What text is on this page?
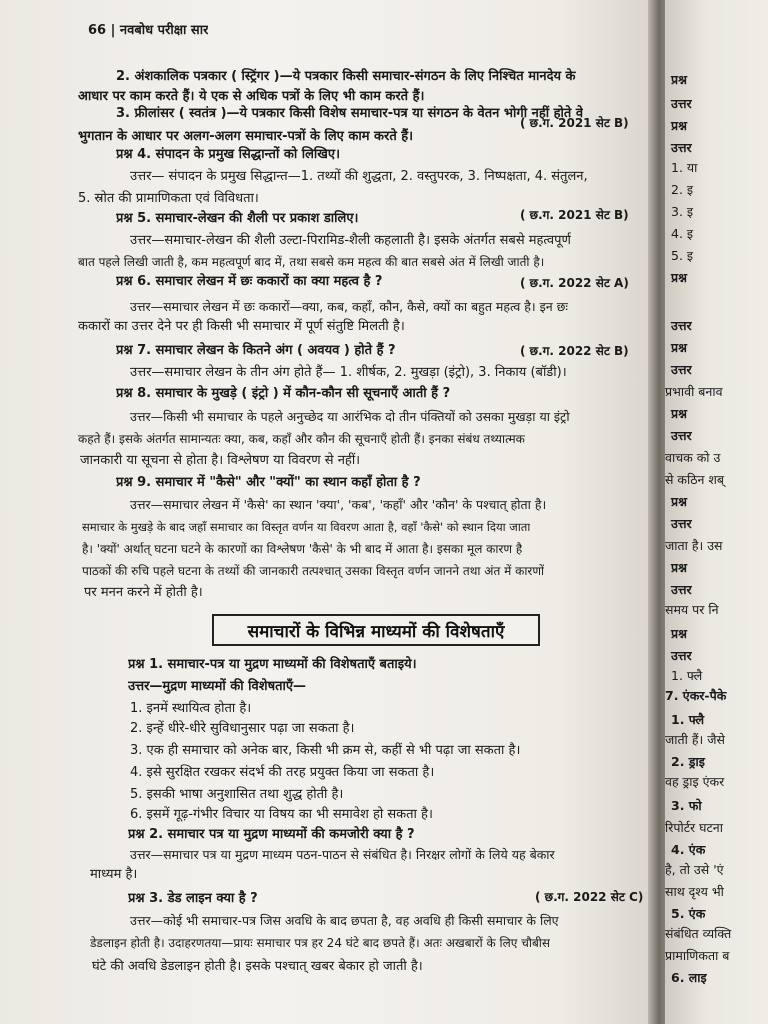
66 | नवबोध परीक्षा सार
2. अंशकालिक पत्रकार ( स्ट्रिंगर )—ये पत्रकार किसी समाचार-संगठन के लिए निश्चित मानदेय के
आधार पर काम करते हैं। ये एक से अधिक पत्रों के लिए भी काम करते हैं।
3. फ्रीलांसर ( स्वतंत्र )—ये पत्रकार किसी विशेष समाचार-पत्र या संगठन के वेतन भोगी नहीं होते वे
भुगतान के आधार पर अलग-अलग समाचार-पत्रों के लिए काम करते हैं।
प्रश्न 4. संपादन के प्रमुख सिद्धान्तों को लिखिए।
उत्तर— संपादन के प्रमुख सिद्धान्त—1. तथ्यों की शुद्धता, 2. वस्तुपरक, 3. निष्पक्षता, 4. संतुलन,
5. स्रोत की प्रामाणिकता एवं विविधता।
प्रश्न 5. समाचार-लेखन की शैली पर प्रकाश डालिए।
उत्तर—समाचार-लेखन की शैली उल्टा-पिरामिड-शैली कहलाती है। इसके अंतर्गत सबसे महत्वपूर्ण
बात पहले लिखी जाती है, कम महत्वपूर्ण बाद में, तथा सबसे कम महत्व की बात सबसे अंत में लिखी जाती है।
प्रश्न 6. समाचार लेखन में छः ककारों का क्या महत्व है ?
उत्तर—समाचार लेखन में छः ककारों—क्या, कब, कहाँ, कौन, कैसे, क्यों का बहुत महत्व है। इन छः
ककारों का उत्तर देने पर ही किसी भी समाचार में पूर्ण संतुष्टि मिलती है।
प्रश्न 7. समाचार लेखन के कितने अंग ( अवयव ) होते हैं ?
उत्तर—समाचार लेखन के तीन अंग होते हैं— 1. शीर्षक, 2. मुखड़ा (इंट्रो), 3. निकाय (बॉडी)।
प्रश्न 8. समाचार के मुखड़े ( इंट्रो ) में कौन-कौन सी सूचनाएँ आती हैं ?
उत्तर—किसी भी समाचार के पहले अनुच्छेद या आरंभिक दो तीन पंक्तियों को उसका मुखड़ा या इंट्रो
कहते हैं। इसके अंतर्गत सामान्यतः क्या, कब, कहाँ और कौन की सूचनाएँ होती हैं। इनका संबंध तथ्यात्मक
जानकारी या सूचना से होता है। विश्लेषण या विवरण से नहीं।
प्रश्न 9. समाचार में "कैसे" और "क्यों" का स्थान कहाँ होता है ?
उत्तर—समाचार लेखन में 'कैसे' का स्थान 'क्या', 'कब', 'कहाँ' और 'कौन' के पश्चात् होता है।
समाचार के मुखड़े के बाद जहाँ समाचार का विस्तृत वर्णन या विवरण आता है, वहाँ 'कैसे' को स्थान दिया जाता
है। 'क्यों' अर्थात् घटना घटने के कारणों का विश्लेषण 'कैसे' के भी बाद में आता है। इसका मूल कारण है
पाठकों की रुचि पहले घटना के तथ्यों की जानकारी तत्पश्चात् उसका विस्तृत वर्णन जानने तथा अंत में कारणों
पर मनन करने में होती है।
( छ.ग. 2021 सेट B)
( छ.ग. 2021 सेट B)
( छ.ग. 2022 सेट A)
( छ.ग. 2022 सेट B)
समाचारों के विभिन्न माध्यमों की विशेषताएँ
प्रश्न 1. समाचार-पत्र या मुद्रण माध्यमों की विशेषताएँ बताइये।
उत्तर—मुद्रण माध्यमों की विशेषताएँ—
1. इनमें स्थायित्व होता है।
2. इन्हें धीरे-धीरे सुविधानुसार पढ़ा जा सकता है।
3. एक ही समाचार को अनेक बार, किसी भी क्रम से, कहीं से भी पढ़ा जा सकता है।
4. इसे सुरक्षित रखकर संदर्भ की तरह प्रयुक्त किया जा सकता है।
5. इसकी भाषा अनुशासित तथा शुद्ध होती है।
6. इसमें गूढ़-गंभीर विचार या विषय का भी समावेश हो सकता है।
प्रश्न 2. समाचार पत्र या मुद्रण माध्यमों की कमजोरी क्या है ?
उत्तर—समाचार पत्र या मुद्रण माध्यम पठन-पाठन से संबंधित है। निरक्षर लोगों के लिये यह बेकार
माध्यम है।
प्रश्न 3. डेड लाइन क्या है ?
उत्तर—कोई भी समाचार-पत्र जिस अवधि के बाद छपता है, वह अवधि ही किसी समाचार के लिए
डेडलाइन होती है। उदाहरणतया—प्रायः समाचार पत्र हर 24 घंटे बाद छपते हैं। अतः अखबारों के लिए चौबीस
घंटे की अवधि डेडलाइन होती है। इसके पश्चात् खबर बेकार हो जाती है।
( छ.ग. 2022 सेट C)
प्रश्न
उत्तर
प्रश्न
उत्तर
1. या
2. इ
3. इ
4. इ
5. इ
प्रश्न
उत्तर
प्रश्न
उत्तर
प्रभावी बनाव
प्रश्न
उत्तर
वाचक को उ
से कठिन शब्
प्रश्न
उत्तर
जाता है। उस
प्रश्न
उत्तर
समय पर नि
प्रश्न
उत्तर
1. फ्लै
7. एंकर-पैके
1. फ्लै
जाती हैं। जैसे
2. ड्राइ
वह ड्राइ एंकर
3. फो
रिपोर्टर घटना
4. एंक
है, तो उसे 'एं
साथ दृश्य भी
5. एंक
संबंधित व्यक्ति
प्रामाणिकता ब
6. लाइ
